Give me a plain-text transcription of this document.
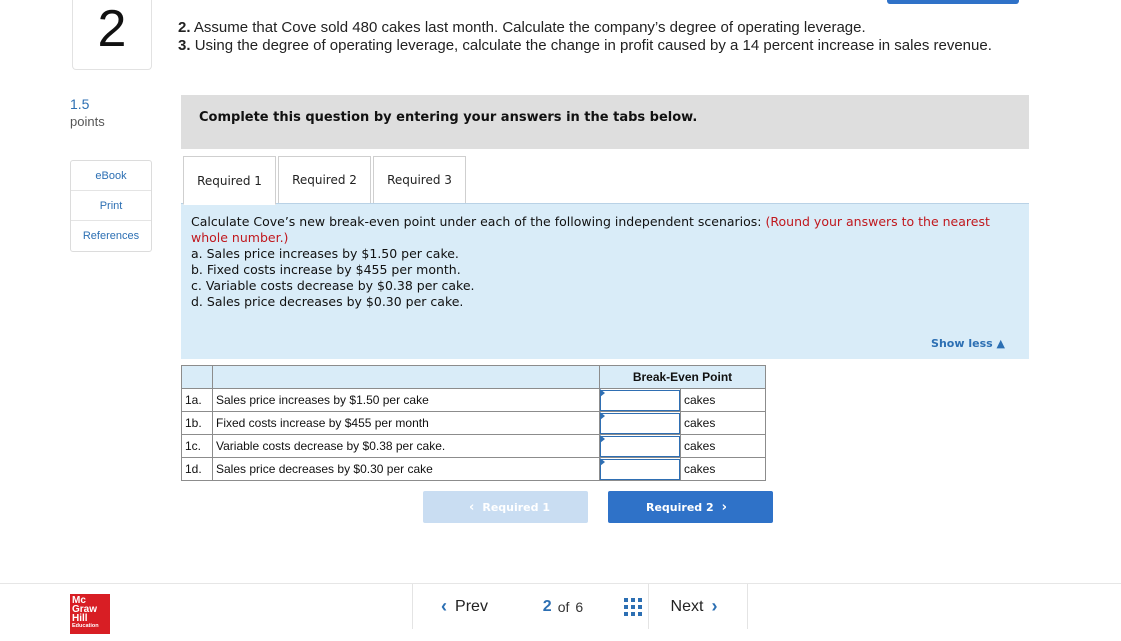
2	2. Assume that Cove sold 480 cakes last month. Calculate the company’s degree of operating leverage.
3. Using the degree of operating leverage, calculate the change in profit caused by a 14 percent increase in sales revenue.
1.5
points
eBook
Print
References
Complete this question by entering your answers in the tabs below.
Required 1	Required 2	Required 3
Calculate Cove’s new break-even point under each of the following independent scenarios: (Round your answers to the nearest whole number.)
a. Sales price increases by $1.50 per cake.
b. Fixed costs increase by $455 per month.
c. Variable costs decrease by $0.38 per cake.
d. Sales price decreases by $0.30 per cake.
Show less ▲
		Break-Even Point	
1a.	Sales price increases by $1.50 per cake		cakes
1b.	Fixed costs increase by $455 per month		cakes
1c.	Variable costs decrease by $0.38 per cake.		cakes
1d.	Sales price decreases by $0.30 per cake		cakes
‹ Required 1	Required 2 ›
Mc
Graw
Hill
Education
‹ Prev	2 of 6	Next ›
